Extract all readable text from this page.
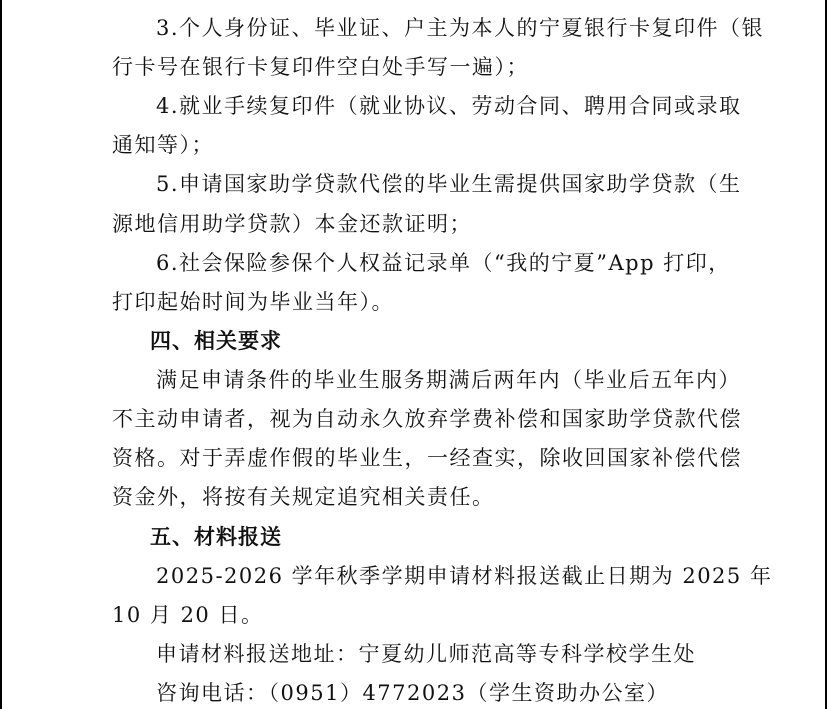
3.个人身份证、毕业证、户主为本人的宁夏银行卡复印件（银
行卡号在银行卡复印件空白处手写一遍）；
4.就业手续复印件（就业协议、劳动合同、聘用合同或录取
通知等）；
5.申请国家助学贷款代偿的毕业生需提供国家助学贷款（生
源地信用助学贷款）本金还款证明；
6.社会保险参保个人权益记录单（“我的宁夏”App 打印，
打印起始时间为毕业当年）。
四、相关要求
满足申请条件的毕业生服务期满后两年内（毕业后五年内）
不主动申请者，视为自动永久放弃学费补偿和国家助学贷款代偿
资格。对于弄虚作假的毕业生，一经查实，除收回国家补偿代偿
资金外，将按有关规定追究相关责任。
五、材料报送
2025-2026 学年秋季学期申请材料报送截止日期为 2025 年
10 月 20 日。
申请材料报送地址：宁夏幼儿师范高等专科学校学生处
咨询电话：（0951）4772023（学生资助办公室）
